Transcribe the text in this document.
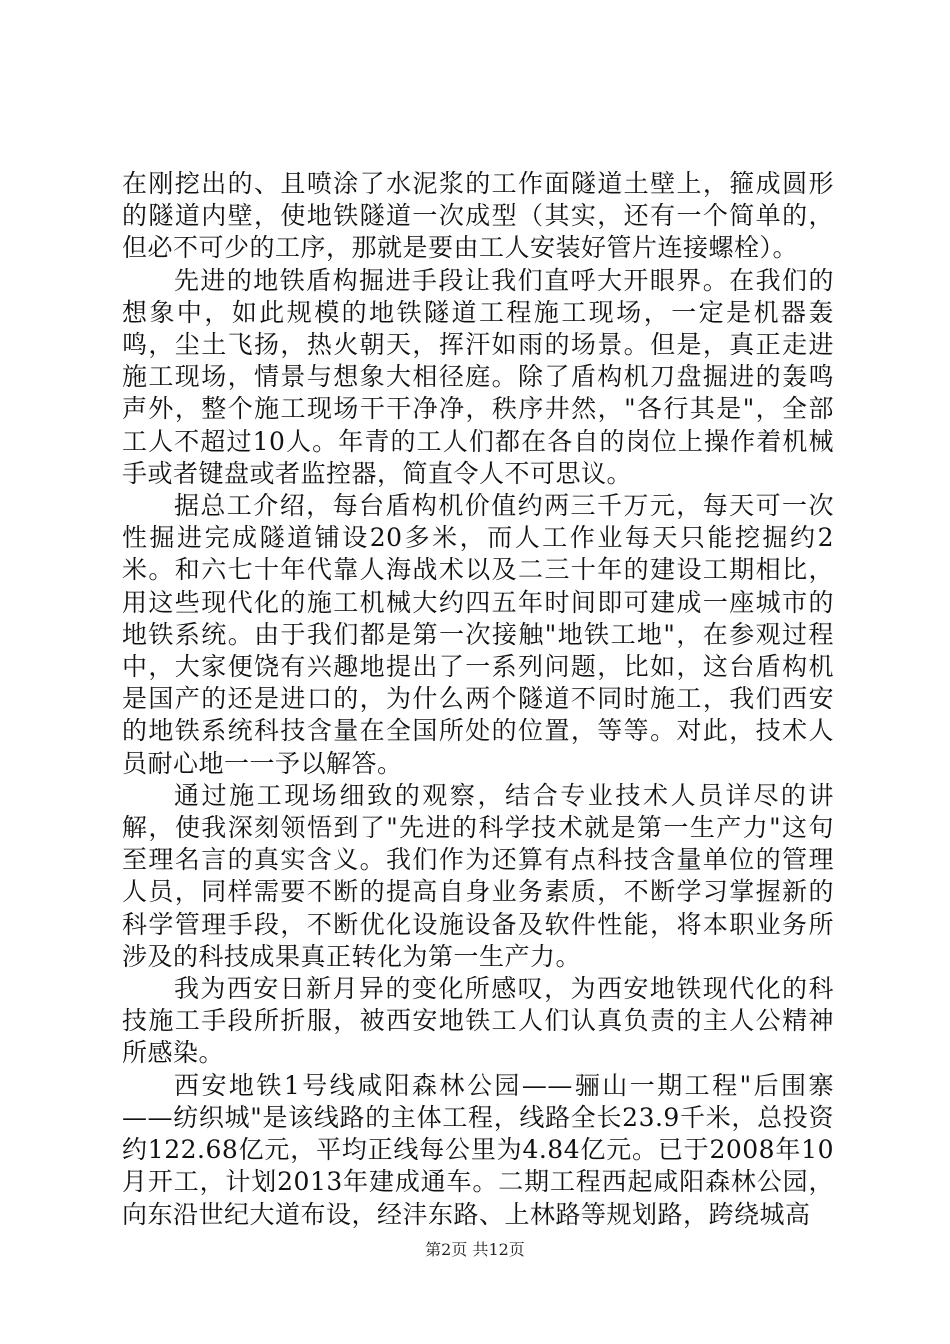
在刚挖出的、且喷涂了水泥浆的工作面隧道土壁上，箍成圆形的隧道内壁，使地铁隧道一次成型（其实，还有一个简单的，但必不可少的工序，那就是要由工人安装好管片连接螺栓）。

先进的地铁盾构掘进手段让我们直呼大开眼界。在我们的想象中，如此规模的地铁隧道工程施工现场，一定是机器轰鸣，尘土飞扬，热火朝天，挥汗如雨的场景。但是，真正走进施工现场，情景与想象大相径庭。除了盾构机刀盘掘进的轰鸣声外，整个施工现场干干净净，秩序井然，"各行其是"，全部工人不超过10人。年青的工人们都在各自的岗位上操作着机械手或者键盘或者监控器，简直令人不可思议。

据总工介绍，每台盾构机价值约两三千万元，每天可一次性掘进完成隧道铺设20多米，而人工作业每天只能挖掘约2米。和六七十年代靠人海战术以及二三十年的建设工期相比，用这些现代化的施工机械大约四五年时间即可建成一座城市的地铁系统。由于我们都是第一次接触"地铁工地"，在参观过程中，大家便饶有兴趣地提出了一系列问题，比如，这台盾构机是国产的还是进口的，为什么两个隧道不同时施工，我们西安的地铁系统科技含量在全国所处的位置，等等。对此，技术人员耐心地一一予以解答。

通过施工现场细致的观察，结合专业技术人员详尽的讲解，使我深刻领悟到了"先进的科学技术就是第一生产力"这句至理名言的真实含义。我们作为还算有点科技含量单位的管理人员，同样需要不断的提高自身业务素质，不断学习掌握新的科学管理手段，不断优化设施设备及软件性能，将本职业务所涉及的科技成果真正转化为第一生产力。

我为西安日新月异的变化所感叹，为西安地铁现代化的科技施工手段所折服，被西安地铁工人们认真负责的主人公精神所感染。

西安地铁1号线咸阳森林公园——骊山一期工程"后围寨——纺织城"是该线路的主体工程，线路全长23.9千米，总投资约122.68亿元，平均正线每公里为4.84亿元。已于2008年10月开工，计划2013年建成通车。二期工程西起咸阳森林公园，向东沿世纪大道布设，经沣东路、上林路等规划路，跨绕城高

第2页 共12页
